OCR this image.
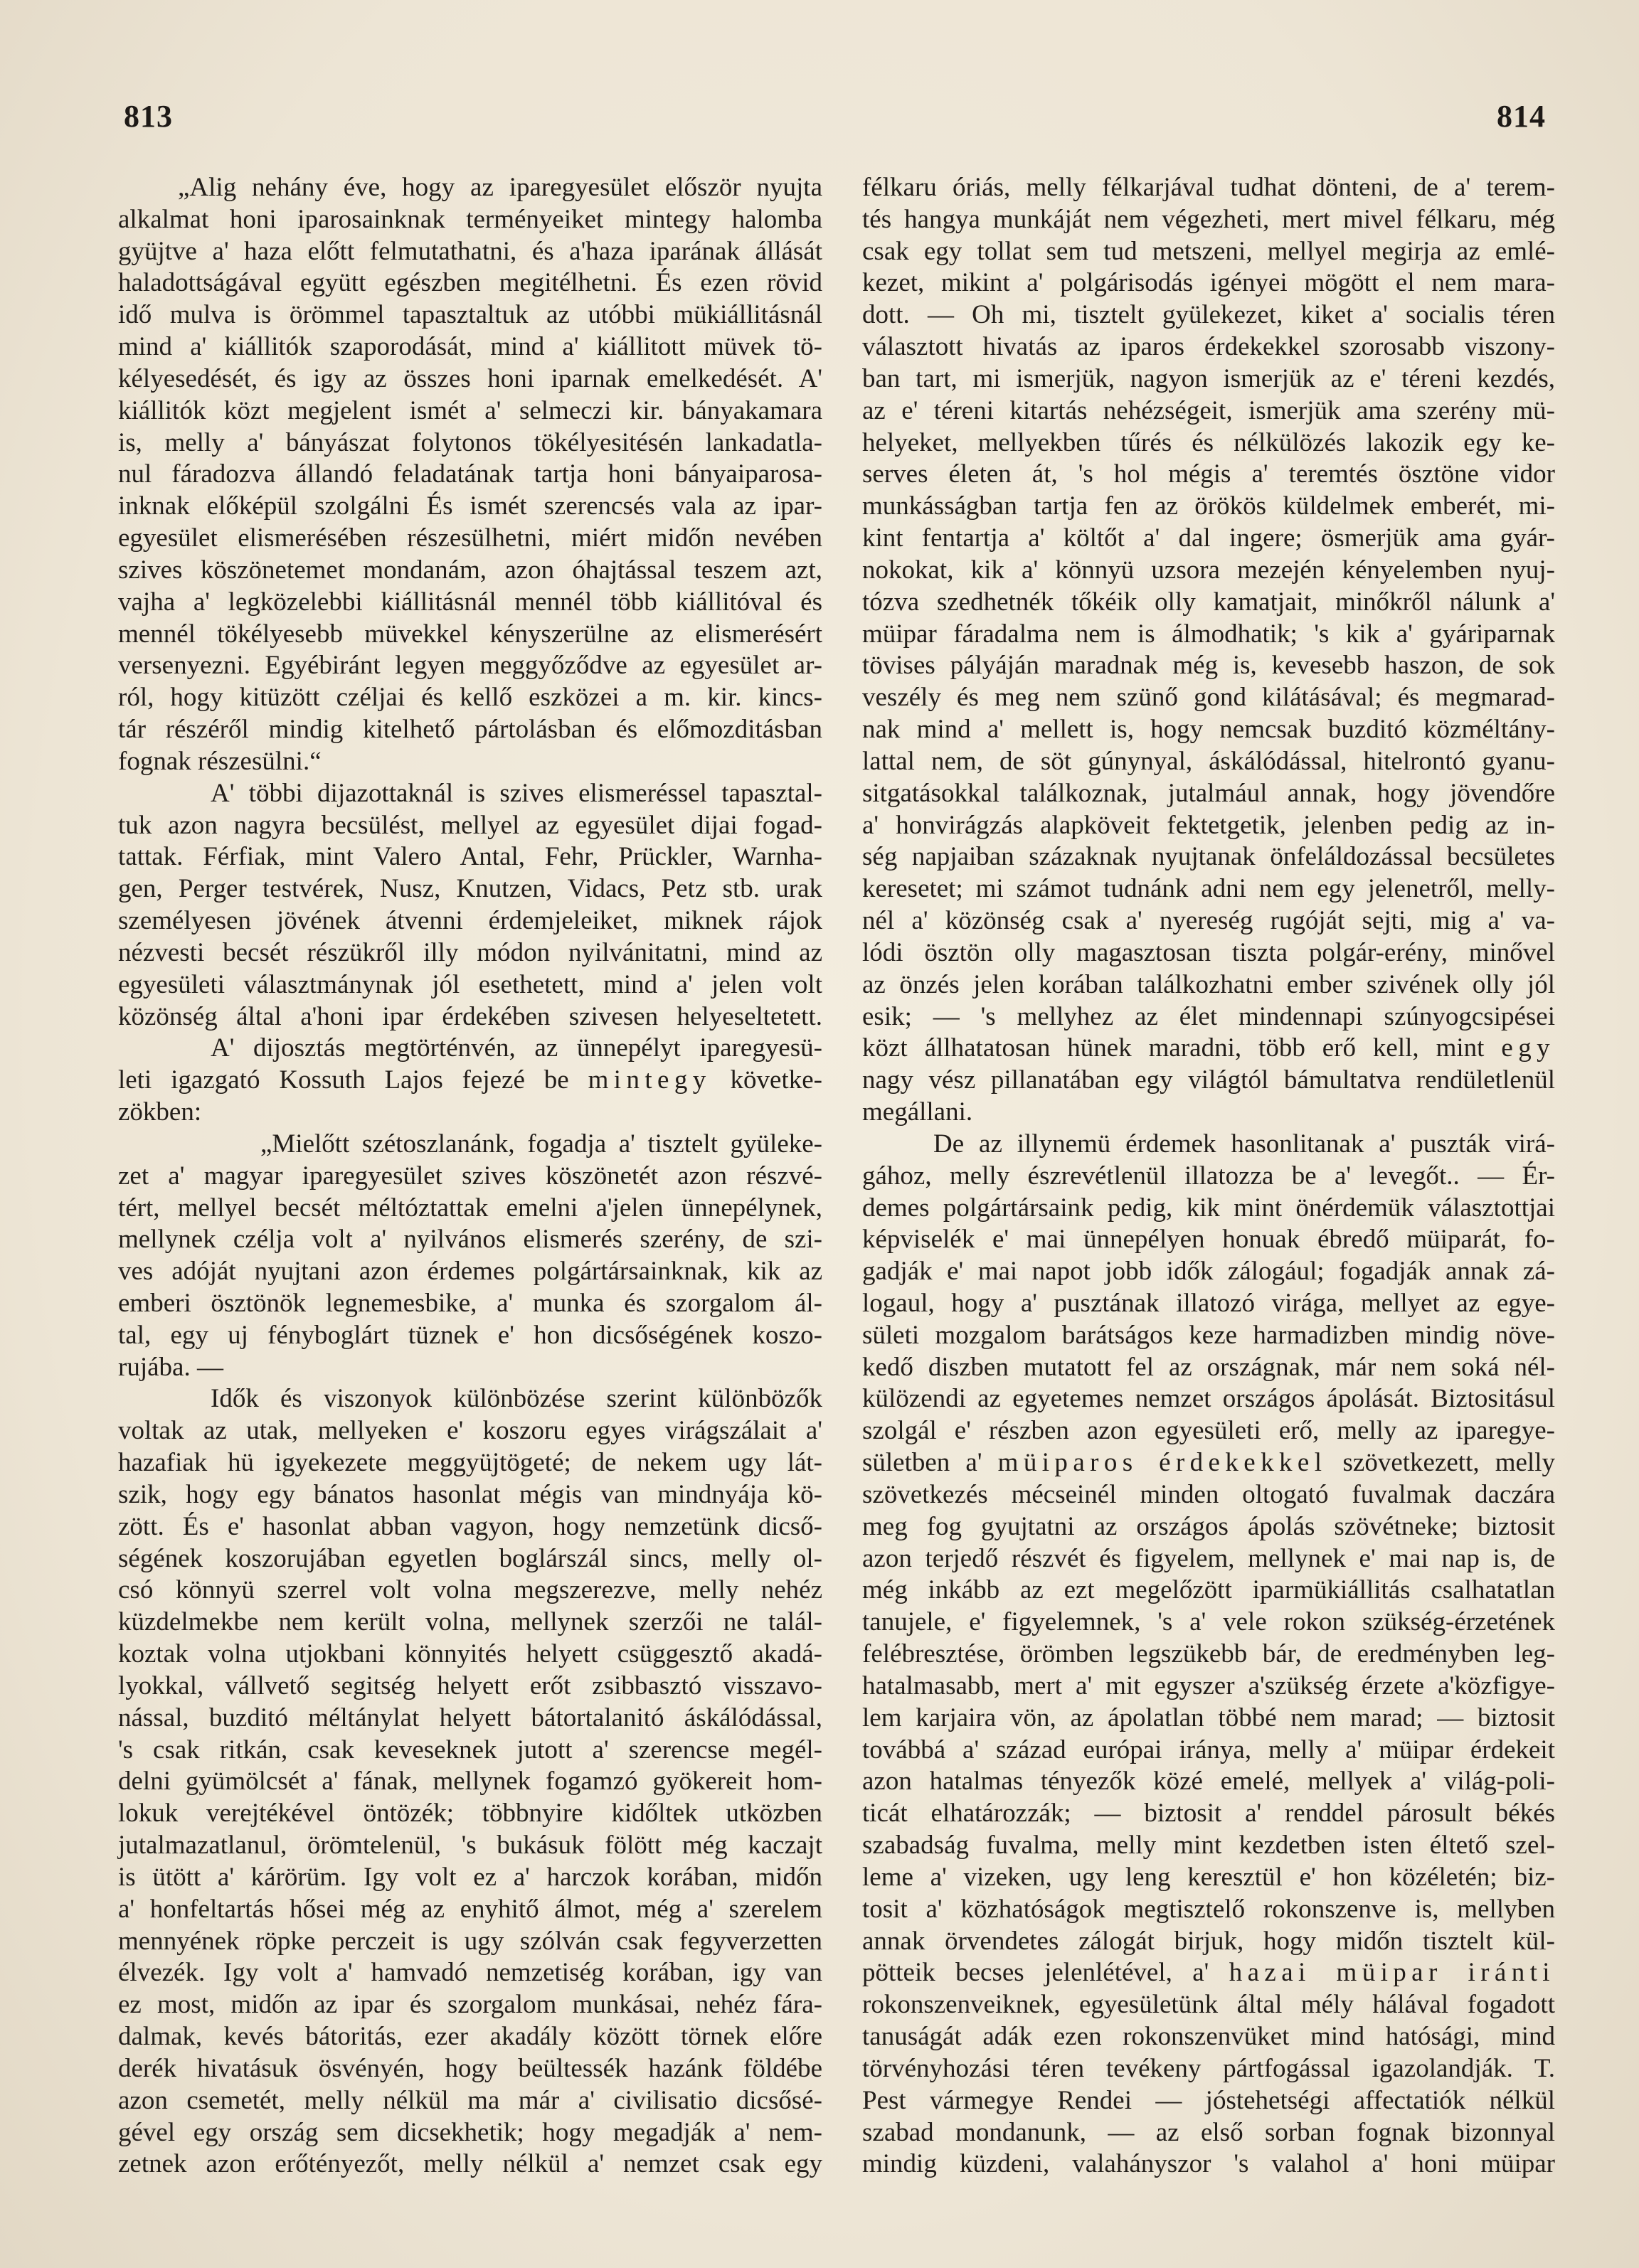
813	814
„Alig nehány éve, hogy az iparegyesület először nyujta
alkalmat honi iparosainknak terményeiket mintegy halomba
gyüjtve a' haza előtt felmutathatni, és a'haza iparának állását
haladottságával együtt egészben megitélhetni. És ezen rövid
idő mulva is örömmel tapasztaltuk az utóbbi mükiállitásnál
mind a' kiállitók szaporodását, mind a' kiállitott müvek tö-
kélyesedését, és igy az összes honi iparnak emelkedését. A'
kiállitók közt megjelent ismét a' selmeczi kir. bányakamara
is, melly a' bányászat folytonos tökélyesitésén lankadatla-
nul fáradozva állandó feladatának tartja honi bányaiparosa-
inknak előképül szolgálni És ismét szerencsés vala az ipar-
egyesület elismerésében részesülhetni, miért midőn nevében
szives köszönetemet mondanám, azon óhajtással teszem azt,
vajha a' legközelebbi kiállitásnál mennél több kiállitóval és
mennél tökélyesebb müvekkel kényszerülne az elismerésért
versenyezni. Egyébiránt legyen meggyőződve az egyesület ar-
ról, hogy kitüzött czéljai és kellő eszközei a m. kir. kincs-
tár részéről mindig kitelhető pártolásban és előmozditásban
fognak részesülni.“
A' többi dijazottaknál is szives elismeréssel tapasztal-
tuk azon nagyra becsülést, mellyel az egyesület dijai fogad-
tattak. Férfiak, mint Valero Antal, Fehr, Prückler, Warnha-
gen, Perger testvérek, Nusz, Knutzen, Vidacs, Petz stb. urak
személyesen jövének átvenni érdemjeleiket, miknek rájok
nézvesti becsét részükről illy módon nyilvánitatni, mind az
egyesületi választmánynak jól esethetett, mind a' jelen volt
közönség által a'honi ipar érdekében szivesen helyeseltetett.
A' dijosztás megtörténvén, az ünnepélyt iparegyesü-
leti igazgató Kossuth Lajos fejezé be mintegy követke-
zökben:
„Mielőtt szétoszlanánk, fogadja a' tisztelt gyüleke-
zet a' magyar iparegyesület szives köszönetét azon részvé-
tért, mellyel becsét méltóztattak emelni a'jelen ünnepélynek,
mellynek czélja volt a' nyilvános elismerés szerény, de szi-
ves adóját nyujtani azon érdemes polgártársainknak, kik az
emberi ösztönök legnemesbike, a' munka és szorgalom ál-
tal, egy uj fényboglárt tüznek e' hon dicsőségének koszo-
rujába. —
Idők és viszonyok különbözése szerint különbözők
voltak az utak, mellyeken e' koszoru egyes virágszálait a'
hazafiak hü igyekezete meggyüjtögeté; de nekem ugy lát-
szik, hogy egy bánatos hasonlat mégis van mindnyája kö-
zött. És e' hasonlat abban vagyon, hogy nemzetünk dicső-
ségének koszorujában egyetlen boglárszál sincs, melly ol-
csó könnyü szerrel volt volna megszerezve, melly nehéz
küzdelmekbe nem került volna, mellynek szerzői ne talál-
koztak volna utjokbani könnyités helyett csüggesztő akadá-
lyokkal, vállvető segitség helyett erőt zsibbasztó visszavo-
nással, buzditó méltánylat helyett bátortalanitó áskálódással,
's csak ritkán, csak keveseknek jutott a' szerencse megél-
delni gyümölcsét a' fának, mellynek fogamzó gyökereit hom-
lokuk verejtékével öntözék; többnyire kidőltek utközben
jutalmazatlanul, örömtelenül, 's bukásuk fölött még kaczajt
is ütött a' kárörüm. Igy volt ez a' harczok korában, midőn
a' honfeltartás hősei még az enyhitő álmot, még a' szerelem
mennyének röpke perczeit is ugy szólván csak fegyverzetten
élvezék. Igy volt a' hamvadó nemzetiség korában, igy van
ez most, midőn az ipar és szorgalom munkásai, nehéz fára-
dalmak, kevés bátoritás, ezer akadály között törnek előre
derék hivatásuk ösvényén, hogy beültessék hazánk földébe
azon csemetét, melly nélkül ma már a' civilisatio dicsősé-
gével egy ország sem dicsekhetik; hogy megadják a' nem-
zetnek azon erőtényezőt, melly nélkül a' nemzet csak egy
félkaru óriás, melly félkarjával tudhat dönteni, de a' terem-
tés hangya munkáját nem végezheti, mert mivel félkaru, még
csak egy tollat sem tud metszeni, mellyel megirja az emlé-
kezet, mikint a' polgárisodás igényei mögött el nem mara-
dott. — Oh mi, tisztelt gyülekezet, kiket a' socialis téren
választott hivatás az iparos érdekekkel szorosabb viszony-
ban tart, mi ismerjük, nagyon ismerjük az e' téreni kezdés,
az e' téreni kitartás nehézségeit, ismerjük ama szerény mü-
helyeket, mellyekben tűrés és nélkülözés lakozik egy ke-
serves életen át, 's hol mégis a' teremtés ösztöne vidor
munkásságban tartja fen az örökös küldelmek emberét, mi-
kint fentartja a' költőt a' dal ingere; ösmerjük ama gyár-
nokokat, kik a' könnyü uzsora mezején kényelemben nyuj-
tózva szedhetnék tőkéik olly kamatjait, minőkről nálunk a'
müipar fáradalma nem is álmodhatik; 's kik a' gyáriparnak
tövises pályáján maradnak még is, kevesebb haszon, de sok
veszély és meg nem szünő gond kilátásával; és megmarad-
nak mind a' mellett is, hogy nemcsak buzditó közméltány-
lattal nem, de söt gúnynyal, áskálódással, hitelrontó gyanu-
sitgatásokkal találkoznak, jutalmául annak, hogy jövendőre
a' honvirágzás alapköveit fektetgetik, jelenben pedig az in-
ség napjaiban százaknak nyujtanak önfeláldozással becsületes
keresetet; mi számot tudnánk adni nem egy jelenetről, melly-
nél a' közönség csak a' nyereség rugóját sejti, mig a' va-
lódi ösztön olly magasztosan tiszta polgár-erény, minővel
az önzés jelen korában találkozhatni ember szivének olly jól
esik; — 's mellyhez az élet mindennapi szúnyogcsipései
közt állhatatosan hünek maradni, több erő kell, mint egy
nagy vész pillanatában egy világtól bámultatva rendületlenül
megállani.
De az illynemü érdemek hasonlitanak a' puszták virá-
gához, melly észrevétlenül illatozza be a' levegőt.. — Ér-
demes polgártársaink pedig, kik mint önérdemük választottjai
képviselék e' mai ünnepélyen honuak ébredő müiparát, fo-
gadják e' mai napot jobb idők zálogául; fogadják annak zá-
logaul, hogy a' pusztának illatozó virága, mellyet az egye-
sületi mozgalom barátságos keze harmadizben mindig növe-
kedő diszben mutatott fel az országnak, már nem soká nél-
külözendi az egyetemes nemzet országos ápolását. Biztositásul
szolgál e' részben azon egyesületi erő, melly az iparegye-
sületben a' müiparos érdekekkel szövetkezett, melly
szövetkezés mécseinél minden oltogató fuvalmak daczára
meg fog gyujtatni az országos ápolás szövétneke; biztosit
azon terjedő részvét és figyelem, mellynek e' mai nap is, de
még inkább az ezt megelőzött iparmükiállitás csalhatatlan
tanujele, e' figyelemnek, 's a' vele rokon szükség-érzetének
felébresztése, örömben legszükebb bár, de eredményben leg-
hatalmasabb, mert a' mit egyszer a'szükség érzete a'közfigye-
lem karjaira vön, az ápolatlan többé nem marad; — biztosit
továbbá a' század európai iránya, melly a' müipar érdekeit
azon hatalmas tényezők közé emelé, mellyek a' világ-poli-
ticát elhatározzák; — biztosit a' renddel párosult békés
szabadság fuvalma, melly mint kezdetben isten éltető szel-
leme a' vizeken, ugy leng keresztül e' hon közéletén; biz-
tosit a' közhatóságok megtisztelő rokonszenve is, mellyben
annak örvendetes zálogát birjuk, hogy midőn tisztelt kül-
pötteik becses jelenlétével, a' hazai müipar iránti
rokonszenveiknek, egyesületünk által mély hálával fogadott
tanuságát adák ezen rokonszenvüket mind hatósági, mind
törvényhozási téren tevékeny pártfogással igazolandják. T.
Pest vármegye Rendei — jóstehetségi affectatiók nélkül
szabad mondanunk, — az első sorban fognak bizonnyal
mindig küzdeni, valahányszor 's valahol a' honi müipar
